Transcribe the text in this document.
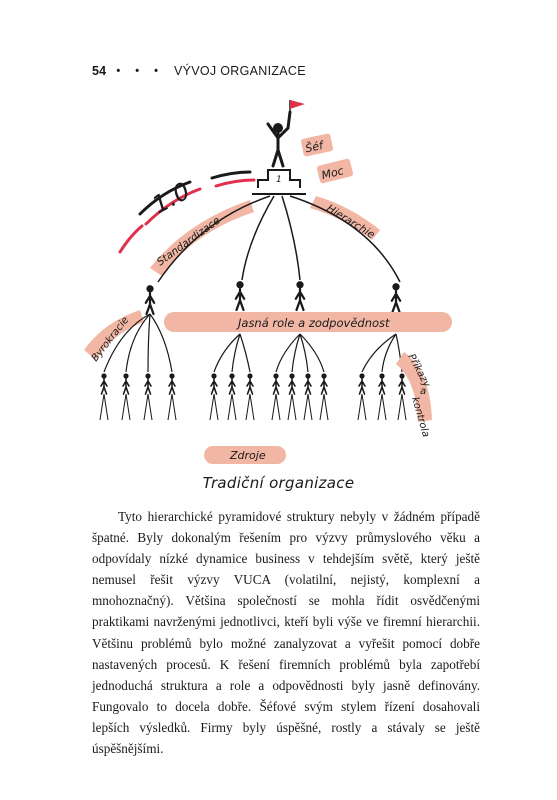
54 • • • VÝVOJ ORGANIZACE
1.0	1
Šéf
Moc
Hierarchie
Standardizace
Jasná role a zodpovědnost
Byrokracie
Příkazy
a
kontrola
Zdroje
Tradiční organizace

Tyto hierarchické pyramidové struktury nebyly v žádném případě špatné. Byly dokonalým řešením pro výzvy průmyslového věku a odpovídaly nízké dynamice business v tehdejším světě, který ještě nemusel řešit výzvy VUCA (volatilní, nejistý, komplexní a mnohoznačný). Většina společností se mohla řídit osvědčenými praktikami navrženými jednotlivci, kteří byli výše ve firemní hierarchii. Většinu problémů bylo možné zanalyzovat a vyřešit pomocí dobře nastavených procesů. K řešení firemních problémů byla zapotřebí jednoduchá struktura a role a odpovědnosti byly jasně definovány. Fungovalo to docela dobře. Šéfové svým stylem řízení dosahovali lepších výsledků. Firmy byly úspěšné, rostly a stávaly se ještě úspěšnějšími.
